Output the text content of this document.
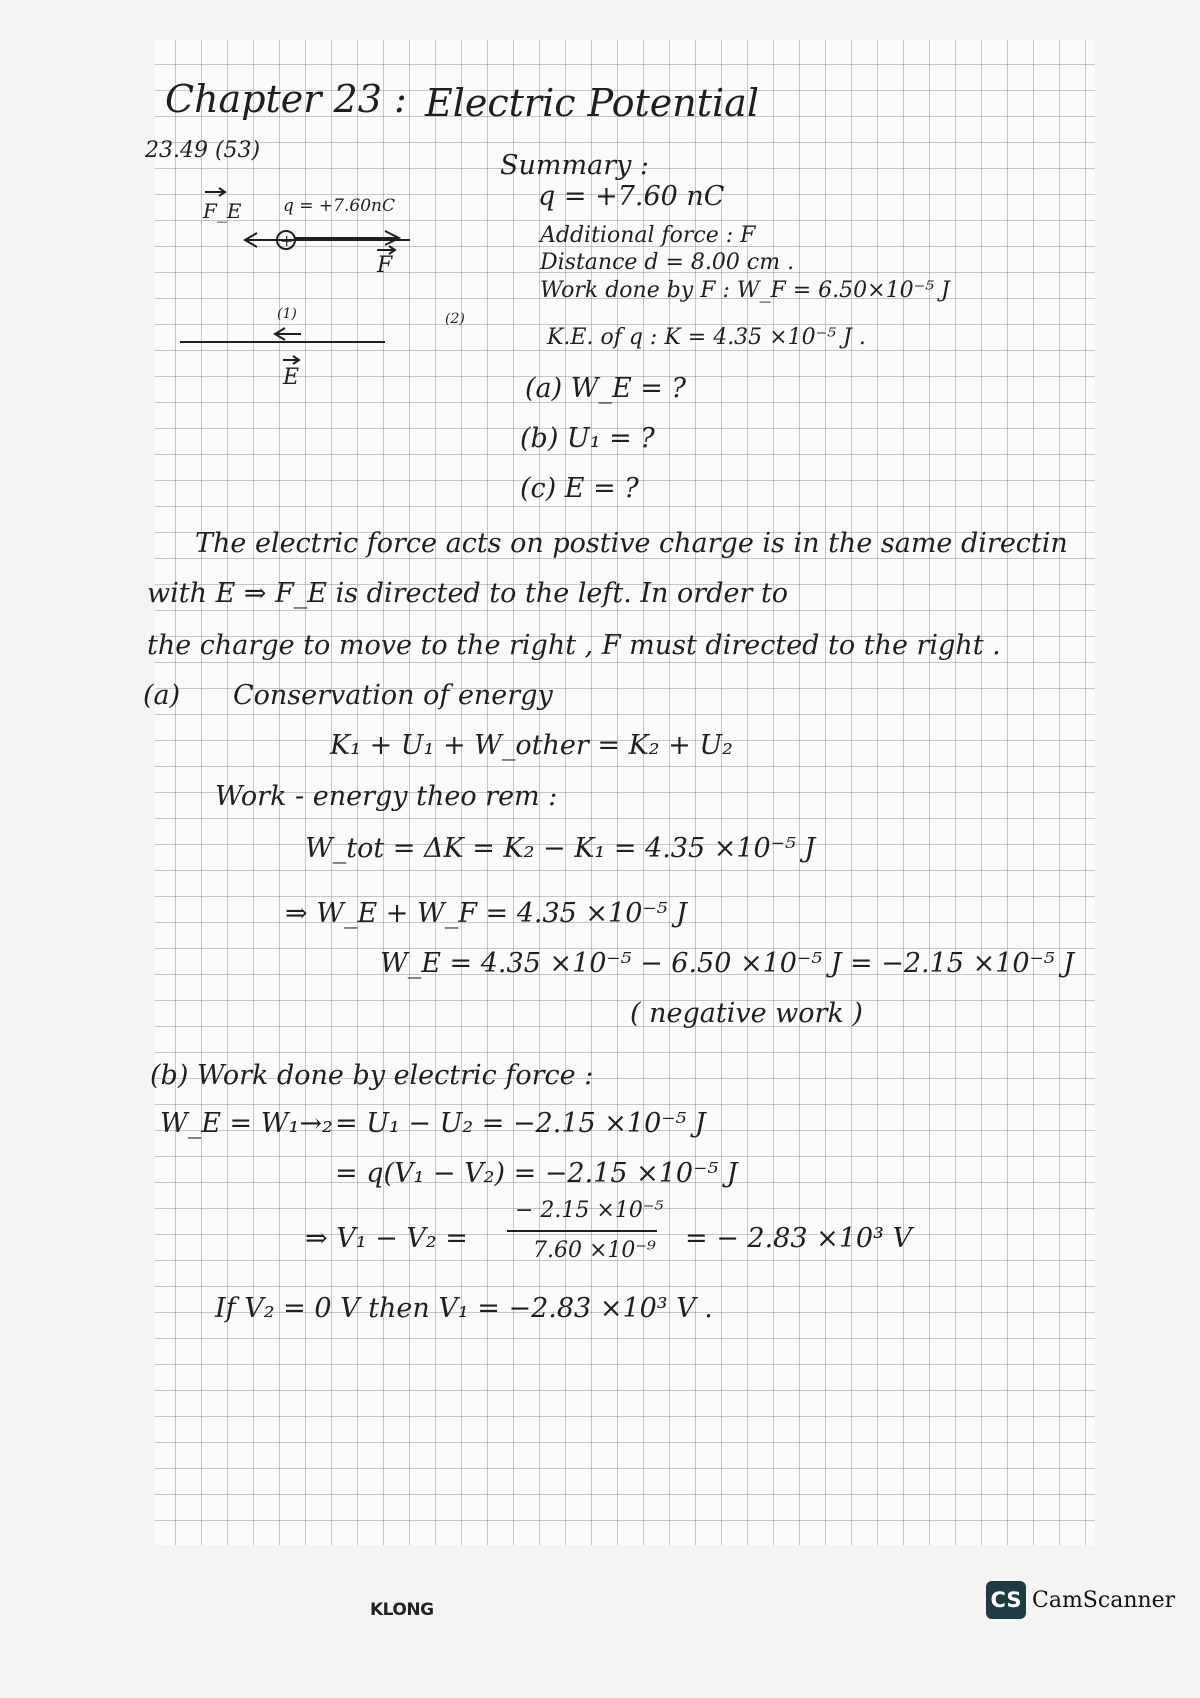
Chapter 23 : Electric Potential
23.49 (53)
F_E q = +7.60nC
+
F
(1)	(2)
E
Summary :
q = +7.60 nC
Additional force : F
Distance d = 8.00 cm .
Work done by F : W_F = 6.50×10⁻⁵ J
K.E. of q : K = 4.35 ×10⁻⁵ J .
(a) W_E = ?
(b) U₁ = ?
(c) E = ?
The electric force acts on postive charge is in the same directin
with E ⇒ F_E is directed to the left. In order to
the charge to move to the right , F must directed to the right .
(a) Conservation of energy
K₁ + U₁ + W_other = K₂ + U₂
Work - energy theo rem :
W_tot = ΔK = K₂ − K₁ = 4.35 ×10⁻⁵ J
⇒ W_E + W_F = 4.35 ×10⁻⁵ J
W_E = 4.35 ×10⁻⁵ − 6.50 ×10⁻⁵ J = −2.15 ×10⁻⁵ J
( negative work )
(b) Work done by electric force :
W_E = W₁→₂ = U₁ − U₂ = −2.15 ×10⁻⁵ J
= q(V₁ − V₂) = −2.15 ×10⁻⁵ J
⇒ V₁ − V₂ =
− 2.15 ×10⁻⁵
7.60 ×10⁻⁹ = − 2.83 ×10³ V
If V₂ = 0 V then V₁ = −2.83 ×10³ V .
KLONG	CS CamScanner
